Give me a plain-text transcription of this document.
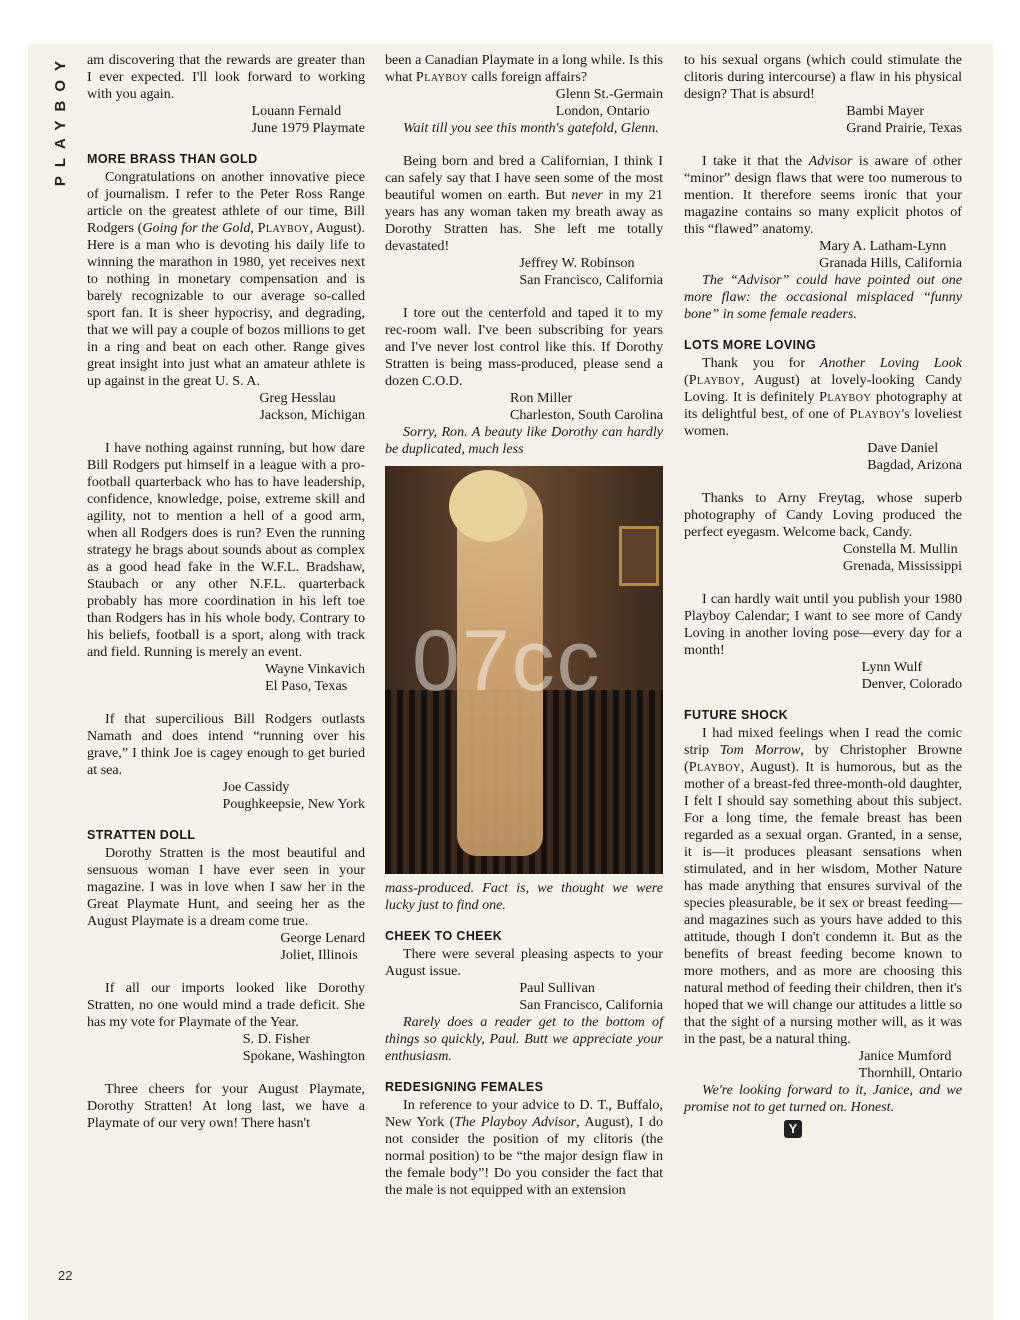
PLAYBOY
22

am discovering that the rewards are greater than I ever expected. I'll look forward to working with you again.

Louann Fernald
June 1979 Playmate
MORE BRASS THAN GOLD

Congratulations on another innovative piece of journalism. I refer to the Peter Ross Range article on the greatest athlete of our time, Bill Rodgers (Going for the Gold, Playboy, August). Here is a man who is devoting his daily life to winning the marathon in 1980, yet receives next to nothing in monetary compensation and is barely recognizable to our average so-called sport fan. It is sheer hypocrisy, and degrading, that we will pay a couple of bozos millions to get in a ring and beat on each other. Range gives great insight into just what an amateur athlete is up against in the great U. S. A.

Greg Hesslau
Jackson, Michigan

I have nothing against running, but how dare Bill Rodgers put himself in a league with a pro-football quarterback who has to have leadership, confidence, knowledge, poise, extreme skill and agility, not to mention a hell of a good arm, when all Rodgers does is run? Even the running strategy he brags about sounds about as complex as a good head fake in the W.F.L. Bradshaw, Staubach or any other N.F.L. quarterback probably has more coordination in his left toe than Rodgers has in his whole body. Contrary to his beliefs, football is a sport, along with track and field. Running is merely an event.

Wayne Vinkavich
El Paso, Texas

If that supercilious Bill Rodgers outlasts Namath and does intend “running over his grave,” I think Joe is cagey enough to get buried at sea.

Joe Cassidy
Poughkeepsie, New York
STRATTEN DOLL

Dorothy Stratten is the most beautiful and sensuous woman I have ever seen in your magazine. I was in love when I saw her in the Great Playmate Hunt, and seeing her as the August Playmate is a dream come true.

George Lenard
Joliet, Illinois

If all our imports looked like Dorothy Stratten, no one would mind a trade deficit. She has my vote for Playmate of the Year.

S. D. Fisher
Spokane, Washington

Three cheers for your August Playmate, Dorothy Stratten! At long last, we have a Playmate of our very own! There hasn't

been a Canadian Playmate in a long while. Is this what Playboy calls foreign affairs?

Glenn St.-Germain
London, Ontario

Wait till you see this month's gatefold, Glenn.

Being born and bred a Californian, I think I can safely say that I have seen some of the most beautiful women on earth. But never in my 21 years has any woman taken my breath away as Dorothy Stratten has. She left me totally devastated!

Jeffrey W. Robinson
San Francisco, California

I tore out the centerfold and taped it to my rec-room wall. I've been subscribing for years and I've never lost control like this. If Dorothy Stratten is being mass-produced, please send a dozen C.O.D.

Ron Miller
Charleston, South Carolina

Sorry, Ron. A beauty like Dorothy can hardly be duplicated, much less

mass-produced. Fact is, we thought we were lucky just to find one.

CHEEK TO CHEEK

There were several pleasing aspects to your August issue.

Paul Sullivan
San Francisco, California

Rarely does a reader get to the bottom of things so quickly, Paul. Butt we appreciate your enthusiasm.

REDESIGNING FEMALES

In reference to your advice to D. T., Buffalo, New York (The Playboy Advisor, August), I do not consider the position of my clitoris (the normal position) to be “the major design flaw in the female body”! Do you consider the fact that the male is not equipped with an extension

to his sexual organs (which could stimulate the clitoris during intercourse) a flaw in his physical design? That is absurd!

Bambi Mayer
Grand Prairie, Texas

I take it that the Advisor is aware of other “minor” design flaws that were too numerous to mention. It therefore seems ironic that your magazine contains so many explicit photos of this “flawed” anatomy.

Mary A. Latham-Lynn
Granada Hills, California

The “Advisor” could have pointed out one more flaw: the occasional misplaced “funny bone” in some female readers.

LOTS MORE LOVING

Thank you for Another Loving Look (Playboy, August) at lovely-looking Candy Loving. It is definitely Playboy photography at its delightful best, of one of Playboy's loveliest women.

Dave Daniel
Bagdad, Arizona

Thanks to Arny Freytag, whose superb photography of Candy Loving produced the perfect eyegasm. Welcome back, Candy.

Constella M. Mullin
Grenada, Mississippi

I can hardly wait until you publish your 1980 Playboy Calendar; I want to see more of Candy Loving in another loving pose—every day for a month!

Lynn Wulf
Denver, Colorado
FUTURE SHOCK

I had mixed feelings when I read the comic strip Tom Morrow, by Christopher Browne (Playboy, August). It is humorous, but as the mother of a breast-fed three-month-old daughter, I felt I should say something about this subject. For a long time, the female breast has been regarded as a sexual organ. Granted, in a sense, it is—it produces pleasant sensations when stimulated, and in her wisdom, Mother Nature has made anything that ensures survival of the species pleasurable, be it sex or breast feeding—and magazines such as yours have added to this attitude, though I don't condemn it. But as the benefits of breast feeding become known to more mothers, and as more are choosing this natural method of feeding their children, then it's hoped that we will change our attitudes a little so that the sight of a nursing mother will, as it was in the past, be a natural thing.

Janice Mumford
Thornhill, Ontario

We're looking forward to it, Janice, and we promise not to get turned on. Honest.

Y
07cc
